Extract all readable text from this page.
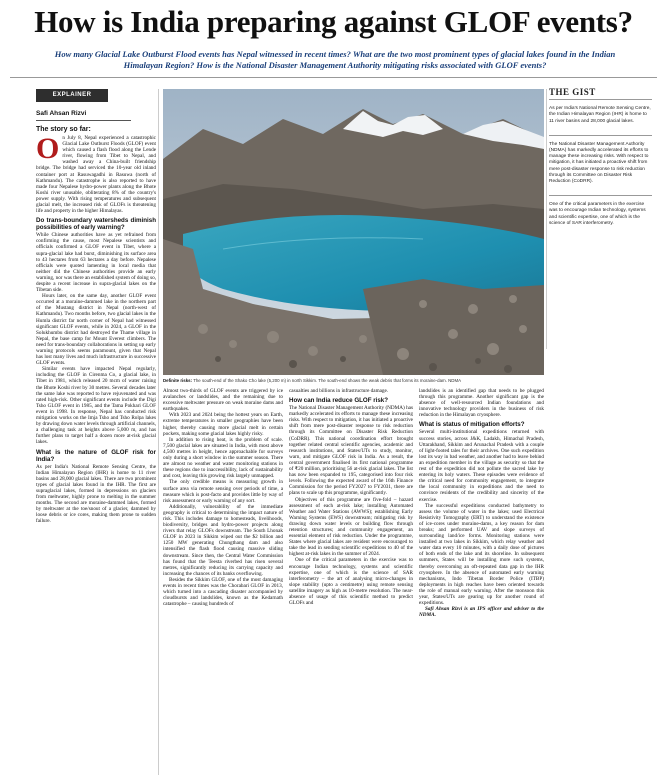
How is India preparing against GLOF events?
How many Glacial Lake Outburst Flood events has Nepal witnessed in recent times? What are the two most prominent types of glacial lakes found in the Indian Himalayan Region? How is the National Disaster Management Authority mitigating risks associated with GLOF events?
EXPLAINER
Safi Ahsan Rizvi
The story so far:
O n July 8, Nepal experienced a catastrophic Glacial Lake Outburst Floods (GLOF) event which caused a flash flood along the Lende river, flowing from Tibet to Nepal, and washed away a China-built friendship bridge. The bridge had serviced the 10-year old inland container port at Rasuwagadhi in Rasuwa (north of Kathmandu). The catastrophe is also reported to have made four Nepalese hydro-power plants along the Bhote Koshi river unusable, obliterating 8% of the country's power supply. With rising temperatures and subsequent glacial melt, the increased risk of GLOFs is threatening life and property in the higher Himalayas.

Do trans-boundary watersheds diminish possibilities of early warning?

While Chinese authorities have as yet refrained from confirming the cause, most Nepalese scientists and officials confirmed a GLOF event in Tibet, where a supra-glacial lake had burst, diminishing its surface area to 43 hectares from 63 hectares a day before. Nepalese officials were quoted lamenting in local media that neither did the Chinese authorities provide an early warning, nor was there an established system of doing so, despite a recent increase in supra-glacial lakes on the Tibetan side.

Hours later, on the same day, another GLOF event occurred at a moraine-dammed lake in the northern part of the Mustang district in Nepal (north-west of Kathmandu). Two months before, two glacial lakes in the Humla district far north corner of Nepal had witnessed significant GLOF events, while in 2024, a GLOF in the Solukhumbu district had destroyed the Thame village in Nepal, the base camp for Mount Everest climbers. The need for trans-boundary collaborations in setting up early warning protocols seems paramount, given that Nepal has lost many lives and much infrastructure in successive GLOF events.

Similar events have impacted Nepal regularly, including the GLOF in Cirenma Co, a glacial lake, in Tibet in 1981, which released 20 mcm of water raising the Bhote Koshi river by 30 metres. Several decades later the same lake was reported to have rejuvenated and was rated high-risk. Other significant events include the Digi Tsho GLOF event in 1985, and the Tama Pokhari GLOF event in 1998. In response, Nepal has conducted risk mitigation works on the Imja Tsho and Tsho Rolpa lakes by drawing down water levels through artificial channels, a challenging task at heights above 5,000 m, and has further plans to target half a dozen more at-risk glacial lakes.

What is the nature of GLOF risk for India?

As per India's National Remote Sensing Centre, the Indian Himalayan Region (IHR) is home to 11 river basins and 28,000 glacial lakes. There are two prominent types of glacial lakes found in the IHR. The first are supraglacial lakes, formed in depressions on glaciers from meltwater, highly prone to melting in the summer months. The second are moraine-dammed lakes, formed by meltwater at the toe/snout of a glacier, dammed by loose debris or ice cores, making them prone to sudden failure.

Definite risks: The south-end of the Shako Cho lake (5,200 m) in north Sikkim. The south-end shows the weak debris that forms its moraine-dam. NDMA

Almost two-thirds of GLOF events are triggered by ice avalanches or landslides, and the remaining due to excessive meltwater pressure on weak moraine dams and earthquakes.

With 2023 and 2024 being the hottest years on Earth, extreme temperatures in smaller geographies have been higher, thereby causing more glacial melt in certain pockets, making some glacial lakes highly risky.

In addition to rising heat, is the problem of scale. 7,500 glacial lakes are situated in India, with most above 4,500 metres in height, hence approachable for surveys only during a short window in the summer season. There are almost no weather and water monitoring stations in these regions due to inaccessibility, lack of sustainability and cost, leaving this growing risk largely unmapped.

The only credible means is measuring growth in surface area via remote sensing over periods of time, a measure which is post-facto and provides little by way of risk assessment or early warning of any sort.

Additionally, vulnerability of the immediate geography is critical to determining the impact nature of risk. This includes damage to homesteads, livelihoods, biodiversity, bridges and hydro-power projects along rivers that relay GLOFs downstream. The South Lhonak GLOF in 2023 in Sikkim wiped out the $2 billion and 1250 MW generating Chungthang dam and also intensified the flash flood causing massive sliding downstream. Since then, the Central Water Commission has found that the Teesta riverbed has risen several metres, significantly reducing its carrying capacity and increasing the chances of its banks overflowing.

Besides the Sikkim GLOF, one of the most damaging events in recent times was the Chorabari GLOF in 2013, which turned into a cascading disaster accompanied by cloudbursts and landslides, known as the Kedarnath catastrophe – causing hundreds of

casualties and billions in infrastructure damage.

How can India reduce GLOF risk?

The National Disaster Management Authority (NDMA) has markedly accelerated its efforts to manage these increasing risks. With respect to mitigation, it has initiated a proactive shift from mere post-disaster response to risk reduction through its Committee on Disaster Risk Reduction (CoDRR). This national coordination effort brought together related central scientific agencies, academic and research institutions, and States/UTs to study, monitor, warn, and mitigate GLOF risk in India. As a result, the central government finalised its first national programme of ₹20 million, prioritising 56 at-risk glacial lakes. The list has now been expanded to 195, categorised into four risk levels. Following the expected award of the 16th Finance Commission for the period FY2027 to FY2031, there are plans to scale up this programme, significantly.

Objectives of this programme are five-fold – hazard assessment of each at-risk lake; installing Automated Weather and Water Stations (AWWS); establishing Early Warning Systems (EWS) downstream; mitigating risk by drawing down water levels or building flow through retention structures; and community engagement, an essential element of risk reduction. Under the programme, States where glacial lakes are resident were encouraged to take the lead in sending scientific expeditions to 40 of the highest at-risk lakes in the summer of 2024.

One of the critical parameters in the exercise was to encourage Indian technology, systems and scientific expertise, one of which is the science of SAR interferometry – the art of analysing micro-changes in slope stability (upto a centimetre) using remote sensing satellite imagery as high as 10-metre resolution. The near-absence of usage of this scientific method to predict GLOFs and

landslides is an identified gap that needs to be plugged through this programme. Another significant gap is the absence of well-resourced Indian foundations and innovative technology providers in the business of risk reduction in the Himalayan cryosphere.

What is status of mitigation efforts?

Several multi-institutional expeditions returned with success stories, across J&K, Ladakh, Himachal Pradesh, Uttarakhand, Sikkim and Arunachal Pradesh with a couple of light-footed tales for their archives. One such expedition lost its way in bad weather, and another had to leave behind an expedition member in the village as security so that the rest of the expedition did not pollute the sacred lake by entering its holy waters. These episodes were evidence of the critical need for community engagement, to integrate the local community in expeditions and the need to convince residents of the credibility and sincerity of the exercise.

The successful expeditions conducted bathymetry to assess the volume of water in the lakes; used Electrical Resistivity Tomography (ERT) to understand the existence of ice-cores under moraine-dams, a key reason for dam breaks; and performed UAV and slope surveys of surrounding land/ice forms. Monitoring stations were installed at two lakes in Sikkim, which relay weather and water data every 10 minutes, with a daily dose of pictures of both ends of the lake and its shoreline. In subsequent summers, States will be installing more such systems, thereby overcoming an oft-repeated data gap in the IHR cryosphere. In the absence of automated early warning mechanisms, Indo Tibetan Border Police (ITBP) deployments in high reaches have been oriented towards the role of manual early warning. After the monsoon this year, States/UTs are gearing up for another round of expeditions.

Safi Ahsan Rizvi is an IPS officer and adviser to the NDMA.

THE GIST
As per India's National Remote Sensing Centre, the Indian Himalayan Region (IHR) is home to 11 river basins and 28,000 glacial lakes.
The National Disaster Management Authority (NDMA) has markedly accelerated its efforts to manage these increasing risks. With respect to mitigation, it has initiated a proactive shift from mere post-disaster response to risk reduction through its Committee on Disaster Risk Reduction (CoDRR).
One of the critical parameters in the exercise was to encourage Indian technology, systems and scientific expertise, one of which is the science of SAR interferometry.
